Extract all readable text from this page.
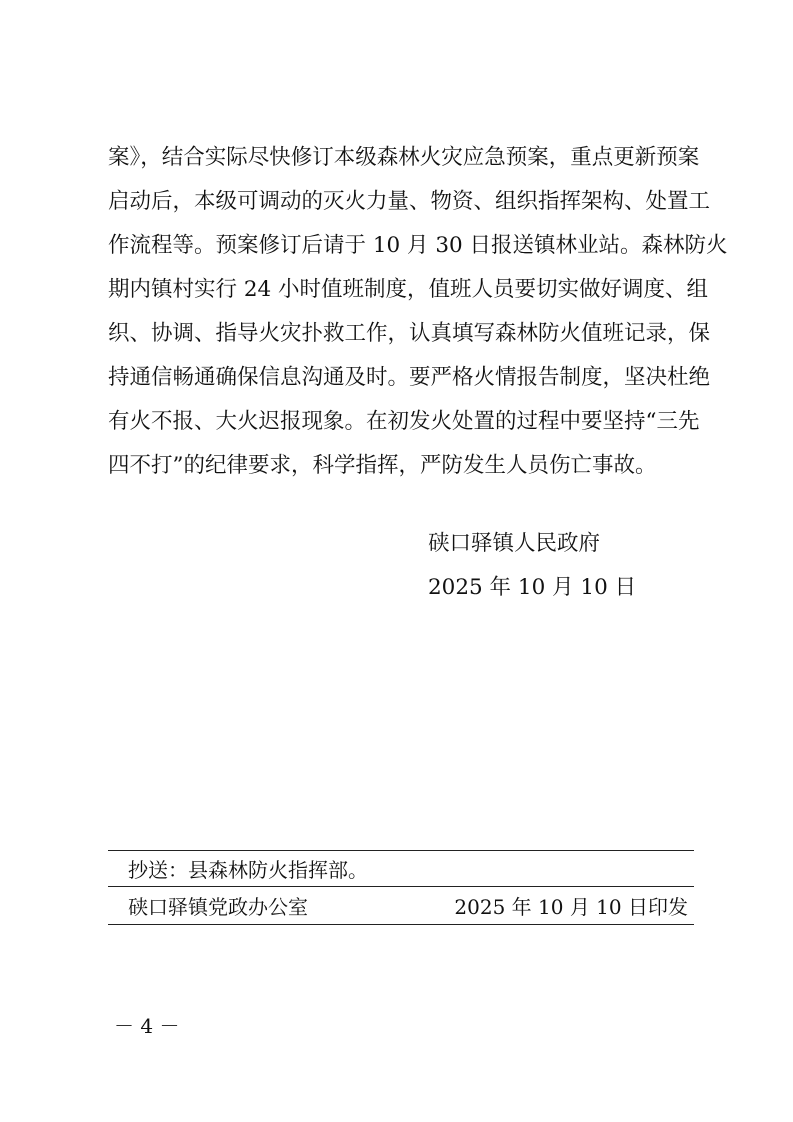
案》，结合实际尽快修订本级森林火灾应急预案，重点更新预案
启动后，本级可调动的灭火力量、物资、组织指挥架构、处置工
作流程等。预案修订后请于 10 月 30 日报送镇林业站。森林防火
期内镇村实行 24 小时值班制度，值班人员要切实做好调度、组
织、协调、指导火灾扑救工作，认真填写森林防火值班记录，保
持通信畅通确保信息沟通及时。要严格火情报告制度，坚决杜绝
有火不报、大火迟报现象。在初发火处置的过程中要坚持“三先
四不打”的纪律要求，科学指挥，严防发生人员伤亡事故。
硖口驿镇人民政府
2025 年 10 月 10 日
抄送：县森林防火指挥部。
硖口驿镇党政办公室	2025 年 10 月 10 日印发
－ 4 －
